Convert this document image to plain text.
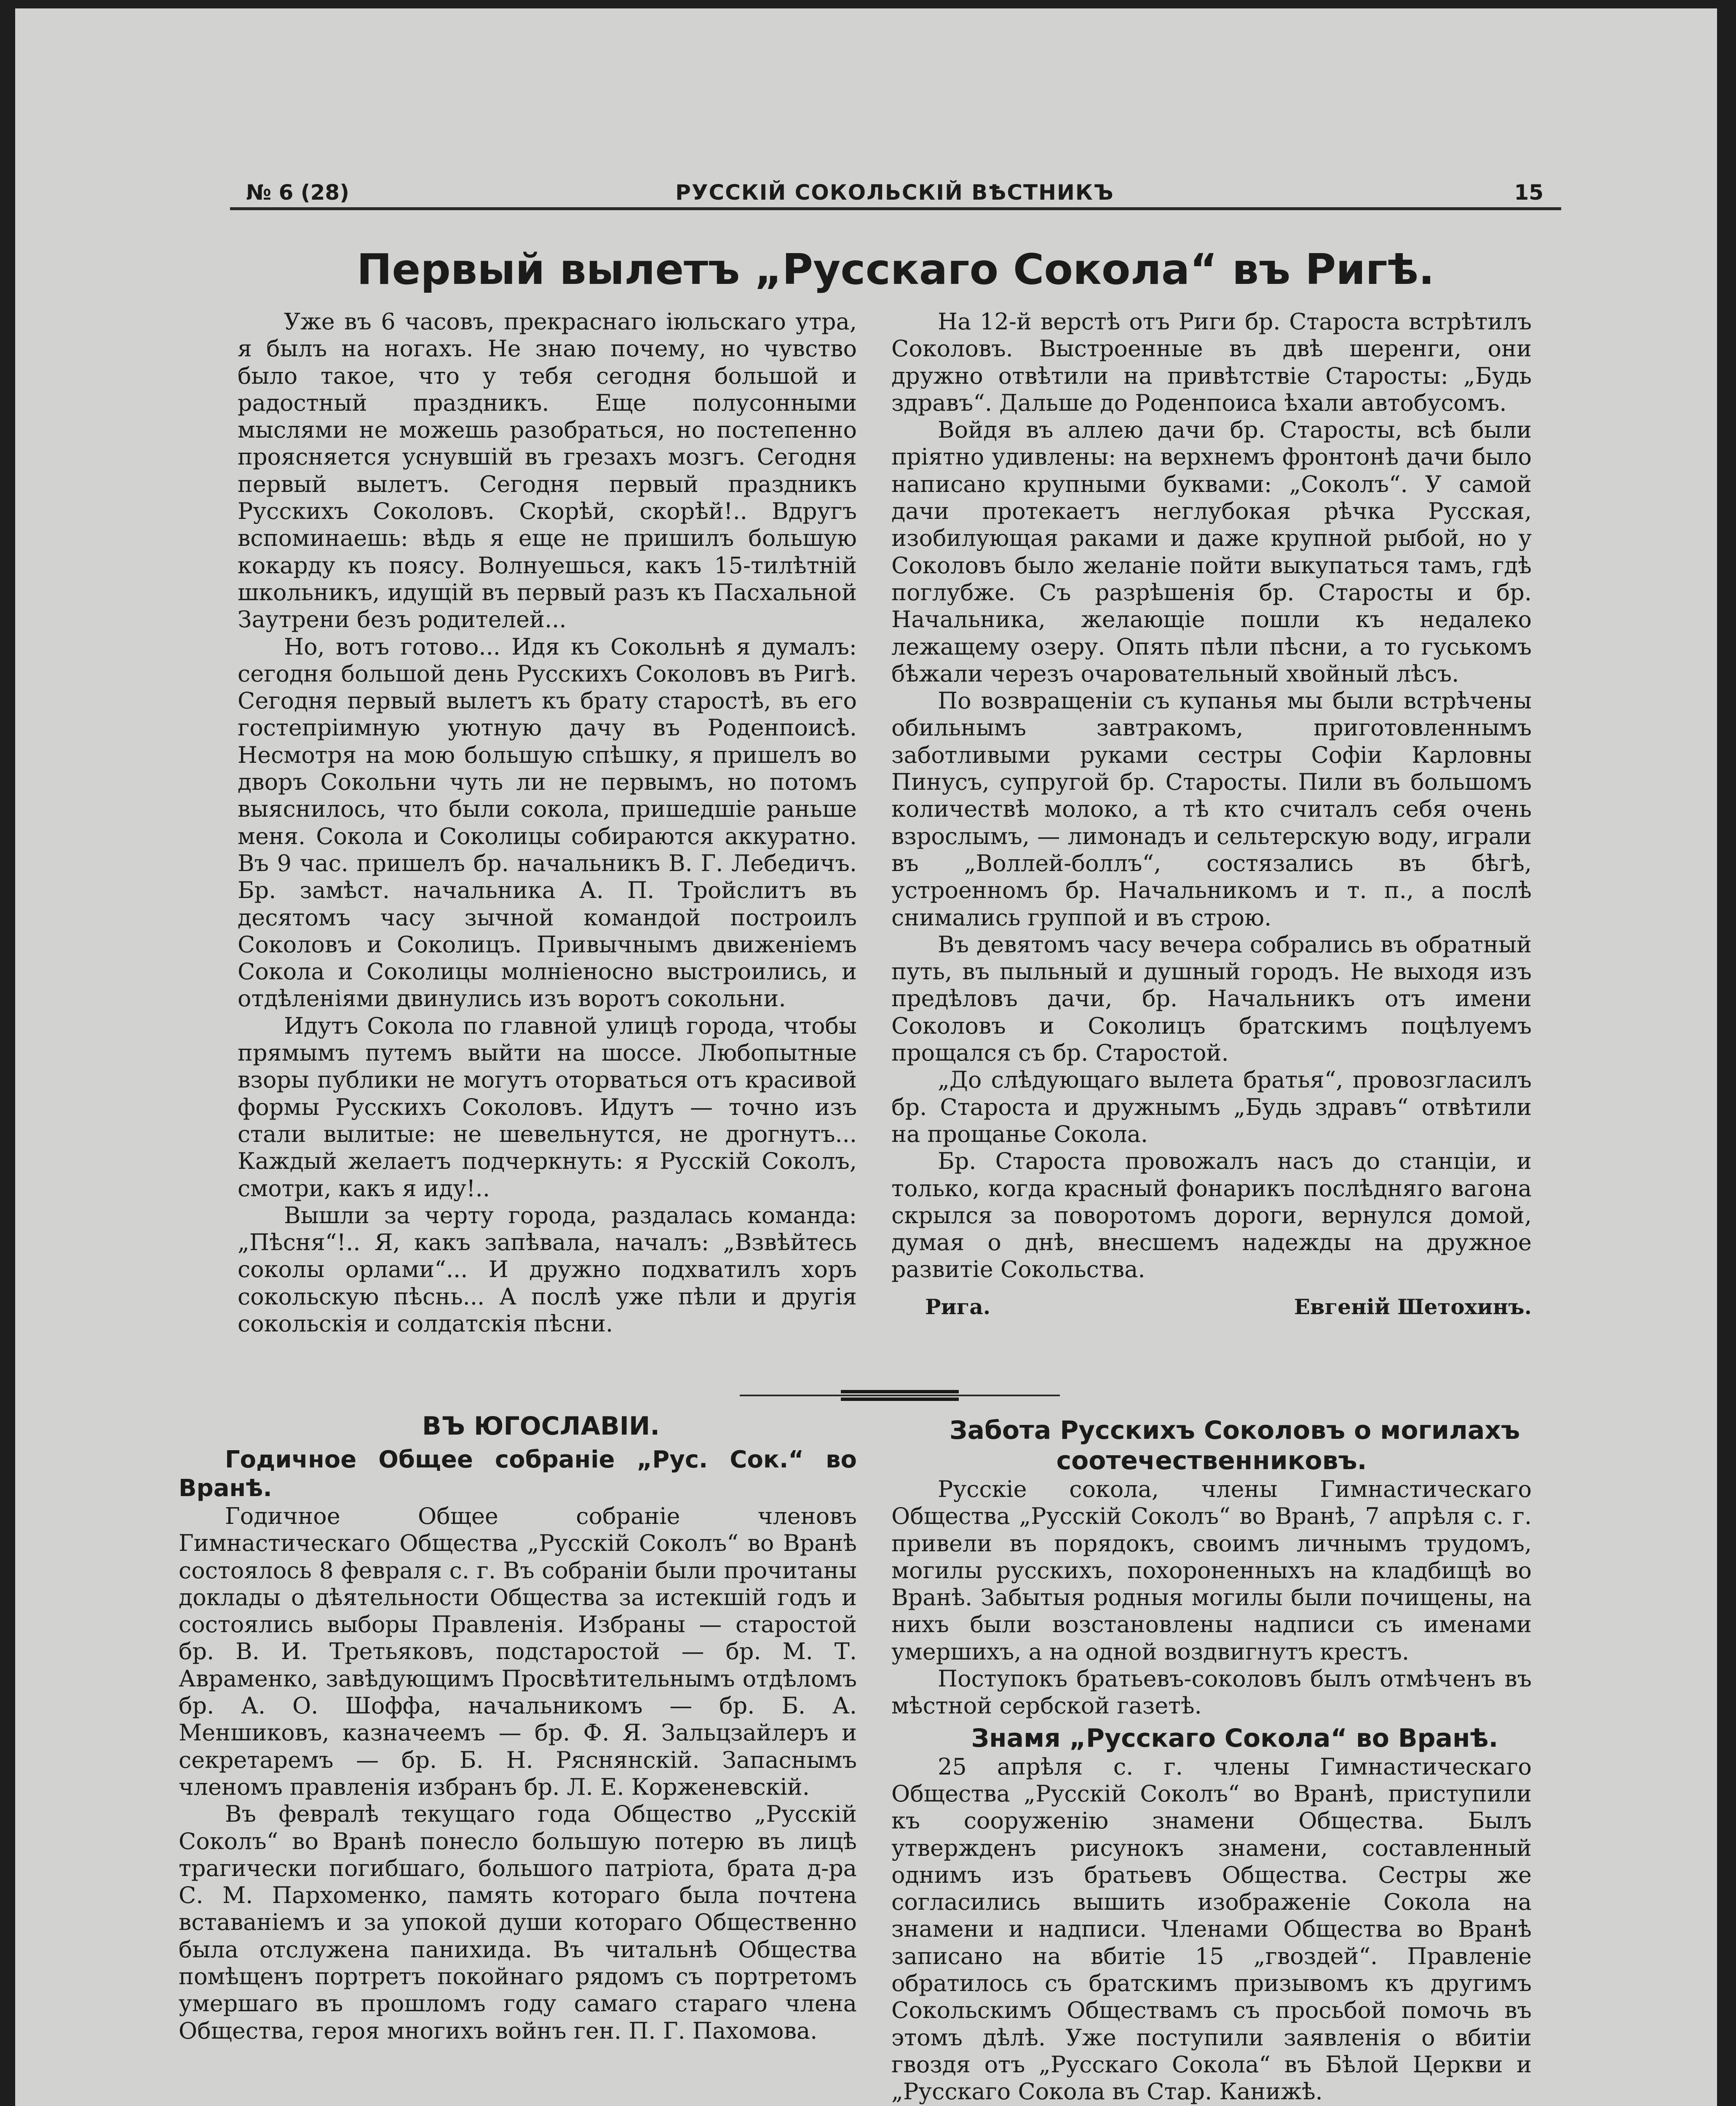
№ 6 (28)	РУССКIЙ СОКОЛЬСКIЙ ВѢСТНИКЪ	15
Первый вылетъ „Русскаго Сокола“ въ Ригѣ.

Уже въ 6 часовъ, прекраснаго iюльскаго утра, я былъ на ногахъ. Не знаю почему, но чувство было такое, что у тебя сегодня большой и радостный праздникъ. Еще полусонными мыслями не можешь разобраться, но постепенно проясняется уснувшiй въ грезахъ мозгъ. Сегодня первый вылетъ. Сегодня первый праздникъ Русскихъ Соколовъ. Скорѣй, скорѣй!.. Вдругъ вспоминаешь: вѣдь я еще не пришилъ большую кокарду къ поясу. Волнуешься, какъ 15-тилѣтнiй школьникъ, идущiй въ первый разъ къ Пасхальной Заутрени безъ родителей...

Но, вотъ готово... Идя къ Сокольнѣ я думалъ: сегодня большой день Русскихъ Соколовъ въ Ригѣ. Сегодня первый вылетъ къ брату старостѣ, въ его гостепрiимную уютную дачу въ Роденпоисѣ. Несмотря на мою большую спѣшку, я пришелъ во дворъ Сокольни чуть ли не первымъ, но потомъ выяснилось, что были сокола, пришедшiе раньше меня. Сокола и Соколицы собираются аккуратно. Въ 9 час. пришелъ бр. начальникъ В. Г. Лебедичъ. Бр. замѣст. начальника А. П. Тройслитъ въ десятомъ часу зычной командой построилъ Соколовъ и Соколицъ. Привычнымъ движенiемъ Сокола и Соколицы молнiеносно выстроились, и отдѣленiями двинулись изъ воротъ сокольни.

Идутъ Сокола по главной улицѣ города, чтобы прямымъ путемъ выйти на шоссе. Любопытные взоры публики не могутъ оторваться отъ красивой формы Русскихъ Соколовъ. Идутъ — точно изъ стали вылитые: не шевельнутся, не дрогнутъ... Каждый желаетъ подчеркнуть: я Русскiй Соколъ, смотри, какъ я иду!..

Вышли за черту города, раздалась команда: „Пѣсня“!.. Я, какъ запѣвала, началъ: „Взвѣйтесь соколы орлами“... И дружно подхватилъ хоръ сокольскую пѣснь... А послѣ уже пѣли и другiя сокольскiя и солдатскiя пѣсни.

На 12-й верстѣ отъ Риги бр. Староста встрѣтилъ Соколовъ. Выстроенные въ двѣ шеренги, они дружно отвѣтили на привѣтствiе Старосты: „Будь здравъ“. Дальше до Роденпоиса ѣхали автобусомъ.

Войдя въ аллею дачи бр. Старосты, всѣ были прiятно удивлены: на верхнемъ фронтонѣ дачи было написано крупными буквами: „Соколъ“. У самой дачи протекаетъ неглубокая рѣчка Русская, изобилующая раками и даже крупной рыбой, но у Соколовъ было желанiе пойти выкупаться тамъ, гдѣ поглубже. Съ разрѣшенiя бр. Старосты и бр. Начальника, желающiе пошли къ недалеко лежащему озеру. Опять пѣли пѣсни, а то гуськомъ бѣжали черезъ очаровательный хвойный лѣсъ.

По возвращенiи съ купанья мы были встрѣчены обильнымъ завтракомъ, приготовленнымъ заботливыми руками сестры Софiи Карловны Пинусъ, супругой бр. Старосты. Пили въ большомъ количествѣ молоко, а тѣ кто считалъ себя очень взрослымъ, — лимонадъ и сельтерскую воду, играли въ „Воллей-боллъ“, состязались въ бѣгѣ, устроенномъ бр. Начальникомъ и т. п., а послѣ снимались группой и въ строю.

Въ девятомъ часу вечера собрались въ обратный путь, въ пыльный и душный городъ. Не выходя изъ предѣловъ дачи, бр. Начальникъ отъ имени Соколовъ и Соколицъ братскимъ поцѣлуемъ прощался съ бр. Старостой.

„До слѣдующаго вылета братья“, провозгласилъ бр. Староста и дружнымъ „Будь здравъ“ отвѣтили на прощанье Сокола.

Бр. Староста провожалъ насъ до станцiи, и только, когда красный фонарикъ послѣдняго вагона скрылся за поворотомъ дороги, вернулся домой, думая о днѣ, внесшемъ надежды на дружное развитiе Сокольства.

Рига.	Евгенiй Шетохинъ.

ВЪ ЮГОСЛАВIИ.

Годичное Общее собранiе „Рус. Сок.“ во Вранѣ.

Годичное Общее собранiе членовъ Гимнастическаго Общества „Русскiй Соколъ“ во Вранѣ состоялось 8 февраля с. г. Въ собранiи были прочитаны доклады о дѣятельности Общества за истекшiй годъ и состоялись выборы Правленiя. Избраны — старостой бр. В. И. Третьяковъ, подстаростой — бр. М. Т. Авраменко, завѣдующимъ Просвѣтительнымъ отдѣломъ бр. А. О. Шоффа, начальникомъ — бр. Б. А. Меншиковъ, казначеемъ — бр. Ф. Я. Зальцзайлеръ и секретаремъ — бр. Б. Н. Ряснянскiй. Запаснымъ членомъ правленiя избранъ бр. Л. Е. Корженевскiй.

Въ февралѣ текущаго года Общество „Русскiй Соколъ“ во Вранѣ понесло большую потерю въ лицѣ трагически погибшаго, большого патрiота, брата д-ра С. М. Пархоменко, память котораго была почтена вставанiемъ и за упокой души котораго Общественно была отслужена панихида. Въ читальнѣ Общества помѣщенъ портретъ покойнаго рядомъ съ портретомъ умершаго въ прошломъ году самаго стараго члена Общества, героя многихъ войнъ ген. П. Г. Пахомова.

Забота Русскихъ Соколовъ о могилахъ соотечественниковъ.

Русскiе сокола, члены Гимнастическаго Общества „Русскiй Соколъ“ во Вранѣ, 7 апрѣля с. г. привели въ порядокъ, своимъ личнымъ трудомъ, могилы русскихъ, похороненныхъ на кладбищѣ во Вранѣ. Забытыя родныя могилы были почищены, на нихъ были возстановлены надписи съ именами умершихъ, а на одной воздвигнутъ крестъ.

Поступокъ братьевъ-соколовъ былъ отмѣченъ въ мѣстной сербской газетѣ.

Знамя „Русскаго Сокола“ во Вранѣ.

25 апрѣля с. г. члены Гимнастическаго Общества „Русскiй Соколъ“ во Вранѣ, приступили къ сооруженiю знамени Общества. Былъ утвержденъ рисунокъ знамени, составленный однимъ изъ братьевъ Общества. Сестры же согласились вышить изображенiе Сокола на знамени и надписи. Членами Общества во Вранѣ записано на вбитiе 15 „гвоздей“. Правленiе обратилось съ братскимъ призывомъ къ другимъ Сокольскимъ Обществамъ съ просьбой помочь въ этомъ дѣлѣ. Уже поступили заявленiя о вбитiи гвоздя отъ „Русскаго Сокола“ въ Бѣлой Церкви и „Русскаго Сокола въ Стар. Канижѣ.
